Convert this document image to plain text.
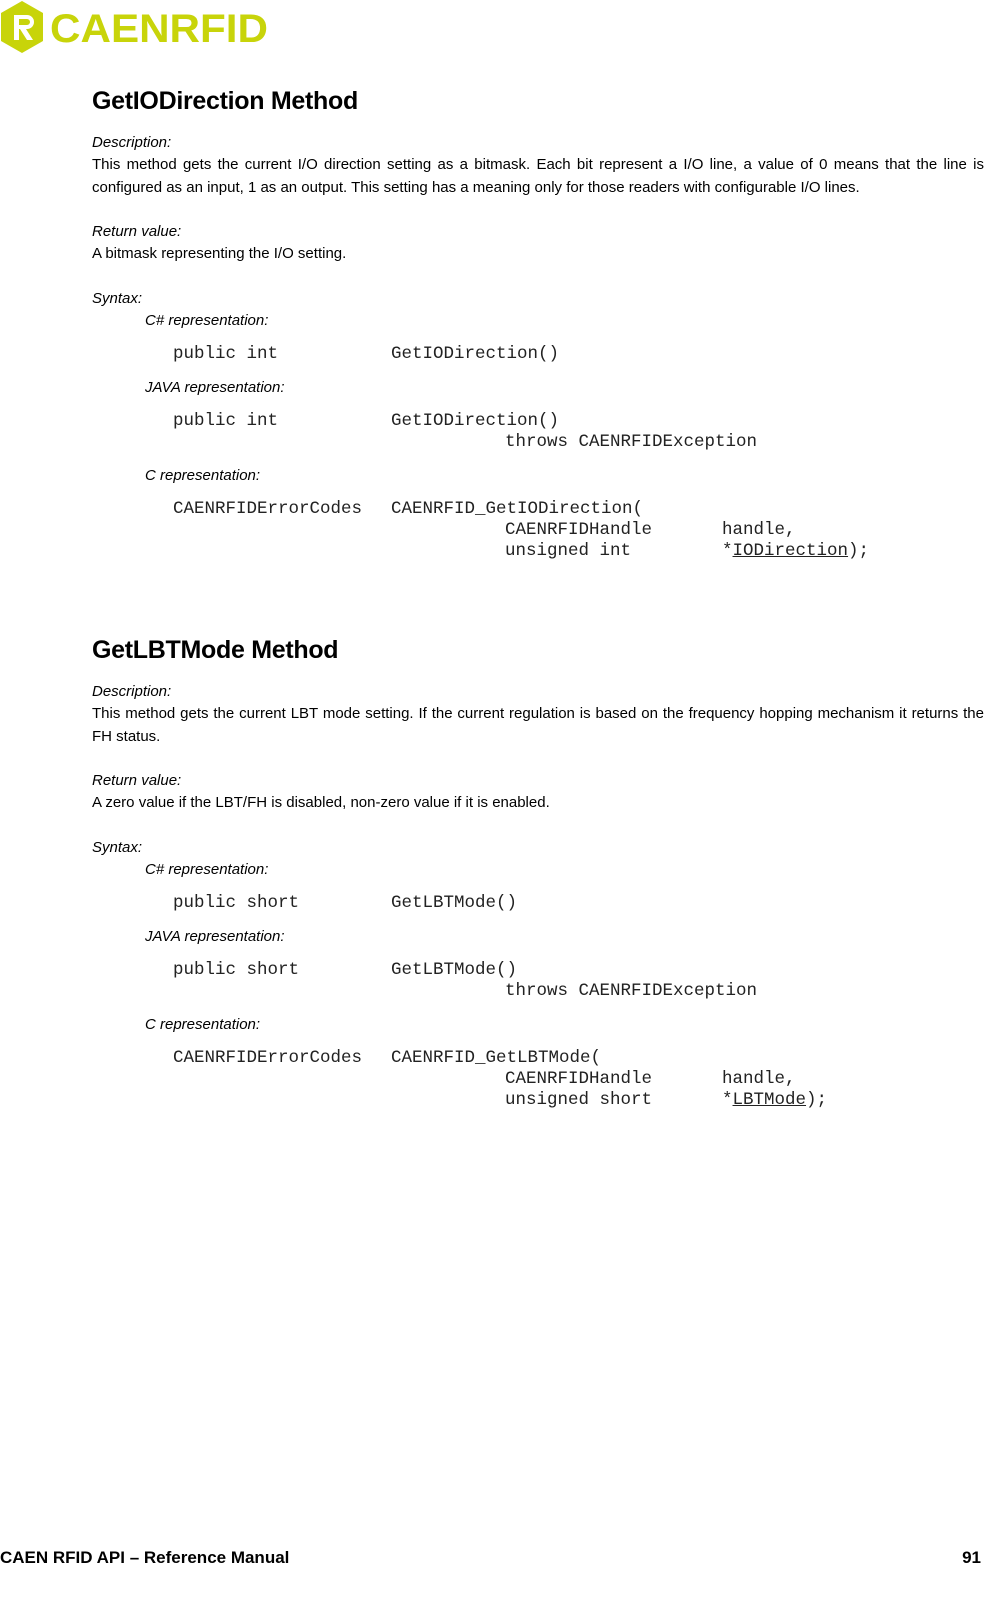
CAENRFID
GetIODirection Method

Description:

This method gets the current I/O direction setting as a bitmask. Each bit represent a I/O line, a value of 0 means that the line is configured as an input, 1 as an output. This setting has a meaning only for those readers with configurable I/O lines.

Return value:

A bitmask representing the I/O setting.

Syntax:

C# representation:

public int	GetIODirection()

JAVA representation:

public int	GetIODirection()
throws CAENRFIDException

C representation:

CAENRFIDErrorCodes CAENRFID_GetIODirection(
CAENRFIDHandle	handle,
unsigned int	*IODirection);
GetLBTMode Method

Description:

This method gets the current LBT mode setting. If the current regulation is based on the frequency hopping mechanism it returns the FH status.

Return value:

A zero value if the LBT/FH is disabled, non-zero value if it is enabled.

Syntax:

C# representation:

public short	GetLBTMode()

JAVA representation:

public short	GetLBTMode()
throws CAENRFIDException

C representation:

CAENRFIDErrorCodes CAENRFID_GetLBTMode(
CAENRFIDHandle	handle,
unsigned short	*LBTMode);
CAEN RFID API – Reference Manual	91
